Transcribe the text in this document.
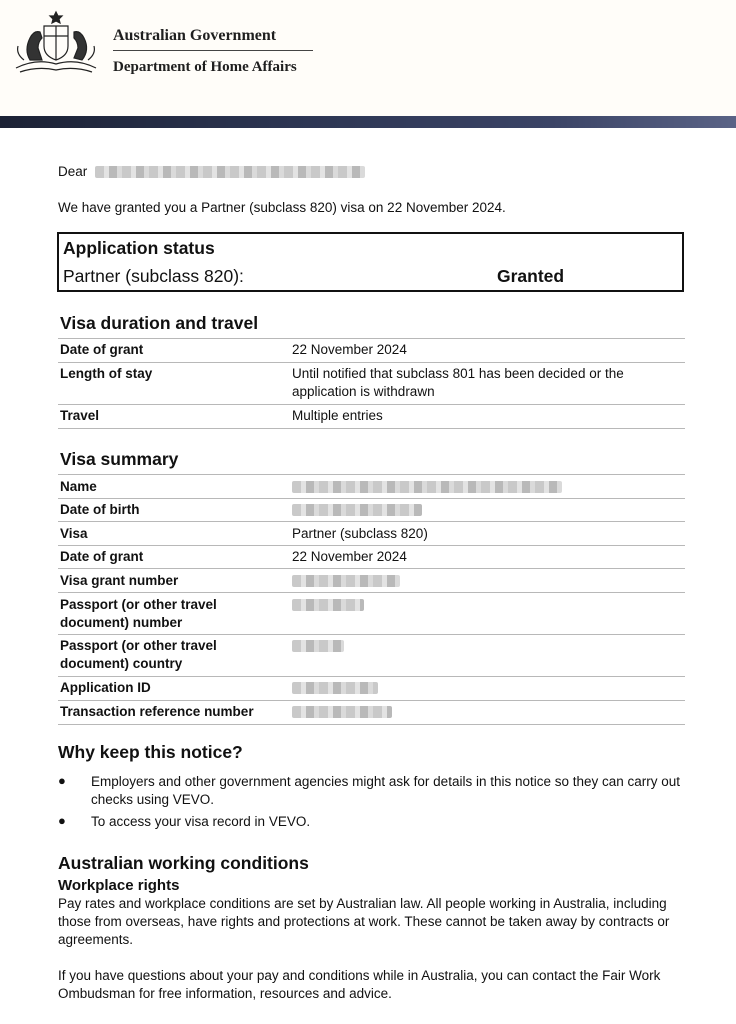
Australian Government
Department of Home Affairs
Dear
We have granted you a Partner (subclass 820) visa on 22 November 2024.
Application status
Partner (subclass 820):	Granted
Visa duration and travel
Date of grant	22 November 2024
Length of stay	Until notified that subclass 801 has been decided or the application is withdrawn
Travel	Multiple entries
Visa summary
Name
Date of birth
Visa	Partner (subclass 820)
Date of grant	22 November 2024
Visa grant number
Passport (or other travel document) number
Passport (or other travel document) country
Application ID
Transaction reference number
Why keep this notice?
● Employers and other government agencies might ask for details in this notice so they can carry out checks using VEVO.
● To access your visa record in VEVO.
Australian working conditions
Workplace rights
Pay rates and workplace conditions are set by Australian law. All people working in Australia, including those from overseas, have rights and protections at work. These cannot be taken away by contracts or agreements.
If you have questions about your pay and conditions while in Australia, you can contact the Fair Work Ombudsman for free information, resources and advice.
